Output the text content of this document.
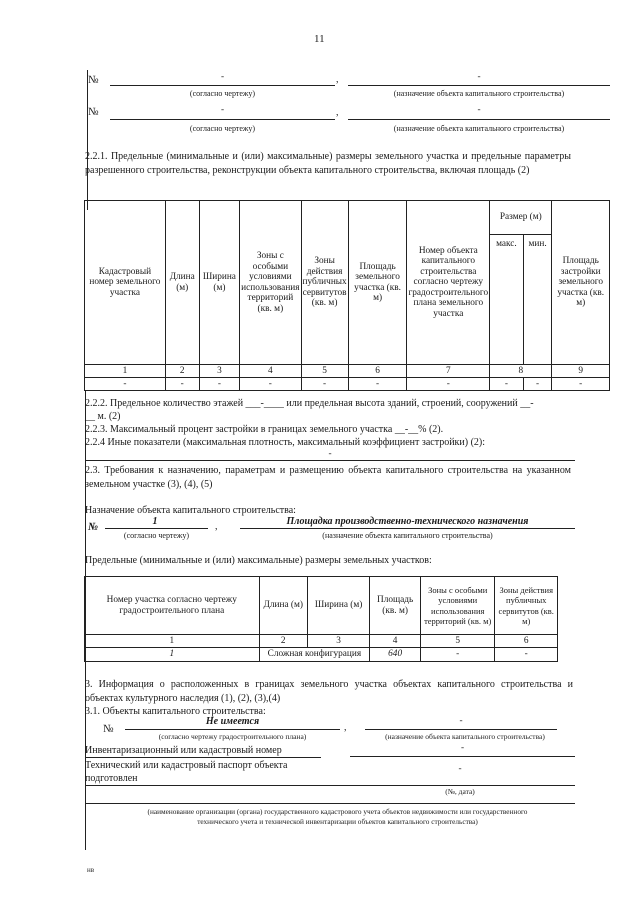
11
№	-	,	-
(согласно чертежу)	(назначение объекта капитального строительства)
№	-	,	-
(согласно чертежу)	(назначение объекта капитального строительства)
2.2.1. Предельные (минимальные и (или) максимальные) размеры земельного участка и предельные параметры разрешенного строительства, реконструкции объекта капитального строительства, включая площадь (2)
Кадастровый номер земельного участка	Длина (м)	Ширина (м)	Зоны с особыми условиями использования территорий (кв. м)	Зоны действия публичных сервитутов (кв. м)	Площадь земельного участка (кв. м)	Номер объекта капитального строительства согласно чертежу градостроительного плана земельного участка	Размер (м)		Площадь застройки земельного участка (кв. м)
							макс.	мин.	
1	2	3	4	5	6	7	8		9
-	-	-	-	-	-	-	-	-	-
2.2.2. Предельное количество этажей ___-____ или предельная высота зданий, строений, сооружений __-
__ м. (2)
2.2.3. Максимальный процент застройки в границах земельного участка __-__% (2).
2.2.4 Иные показатели (максимальная плотность, максимальный коэффициент застройки) (2):
-
2.3. Требования к назначению, параметрам и размещению объекта капитального строительства на указанном земельном участке (3), (4), (5)
Назначение объекта капитального строительства:
№	1	,	Площадка производственно-технического назначения
(согласно чертежу)	(назначение объекта капитального строительства)
Предельные (минимальные и (или) максимальные) размеры земельных участков:
Номер участка согласно чертежу градостроительного плана	Длина (м)	Ширина (м)	Площадь (кв. м)	Зоны с особыми условиями использования территорий (кв. м)	Зоны действия публичных сервитутов (кв. м)
1	2	3	4	5	6
1	Сложная конфигурация		640	-	-
3. Информация о расположенных в границах земельного участка объектах капитального строительства и объектах культурного наследия (1), (2), (3),(4)
3.1. Объекты капитального строительства:
№
Не имеется
,
-
(согласно чертежу градостроительного плана)	(назначение объекта капитального строительства)
Инвентаризационный или кадастровый номер	-
Технический или кадастровый паспорт объекта
подготовлен
-
(№, дата)
(наименование организации (органа) государственного кадастрового учета объектов недвижимости или государственного
технического учета и технической инвентаризации объектов капитального строительства)
нв
